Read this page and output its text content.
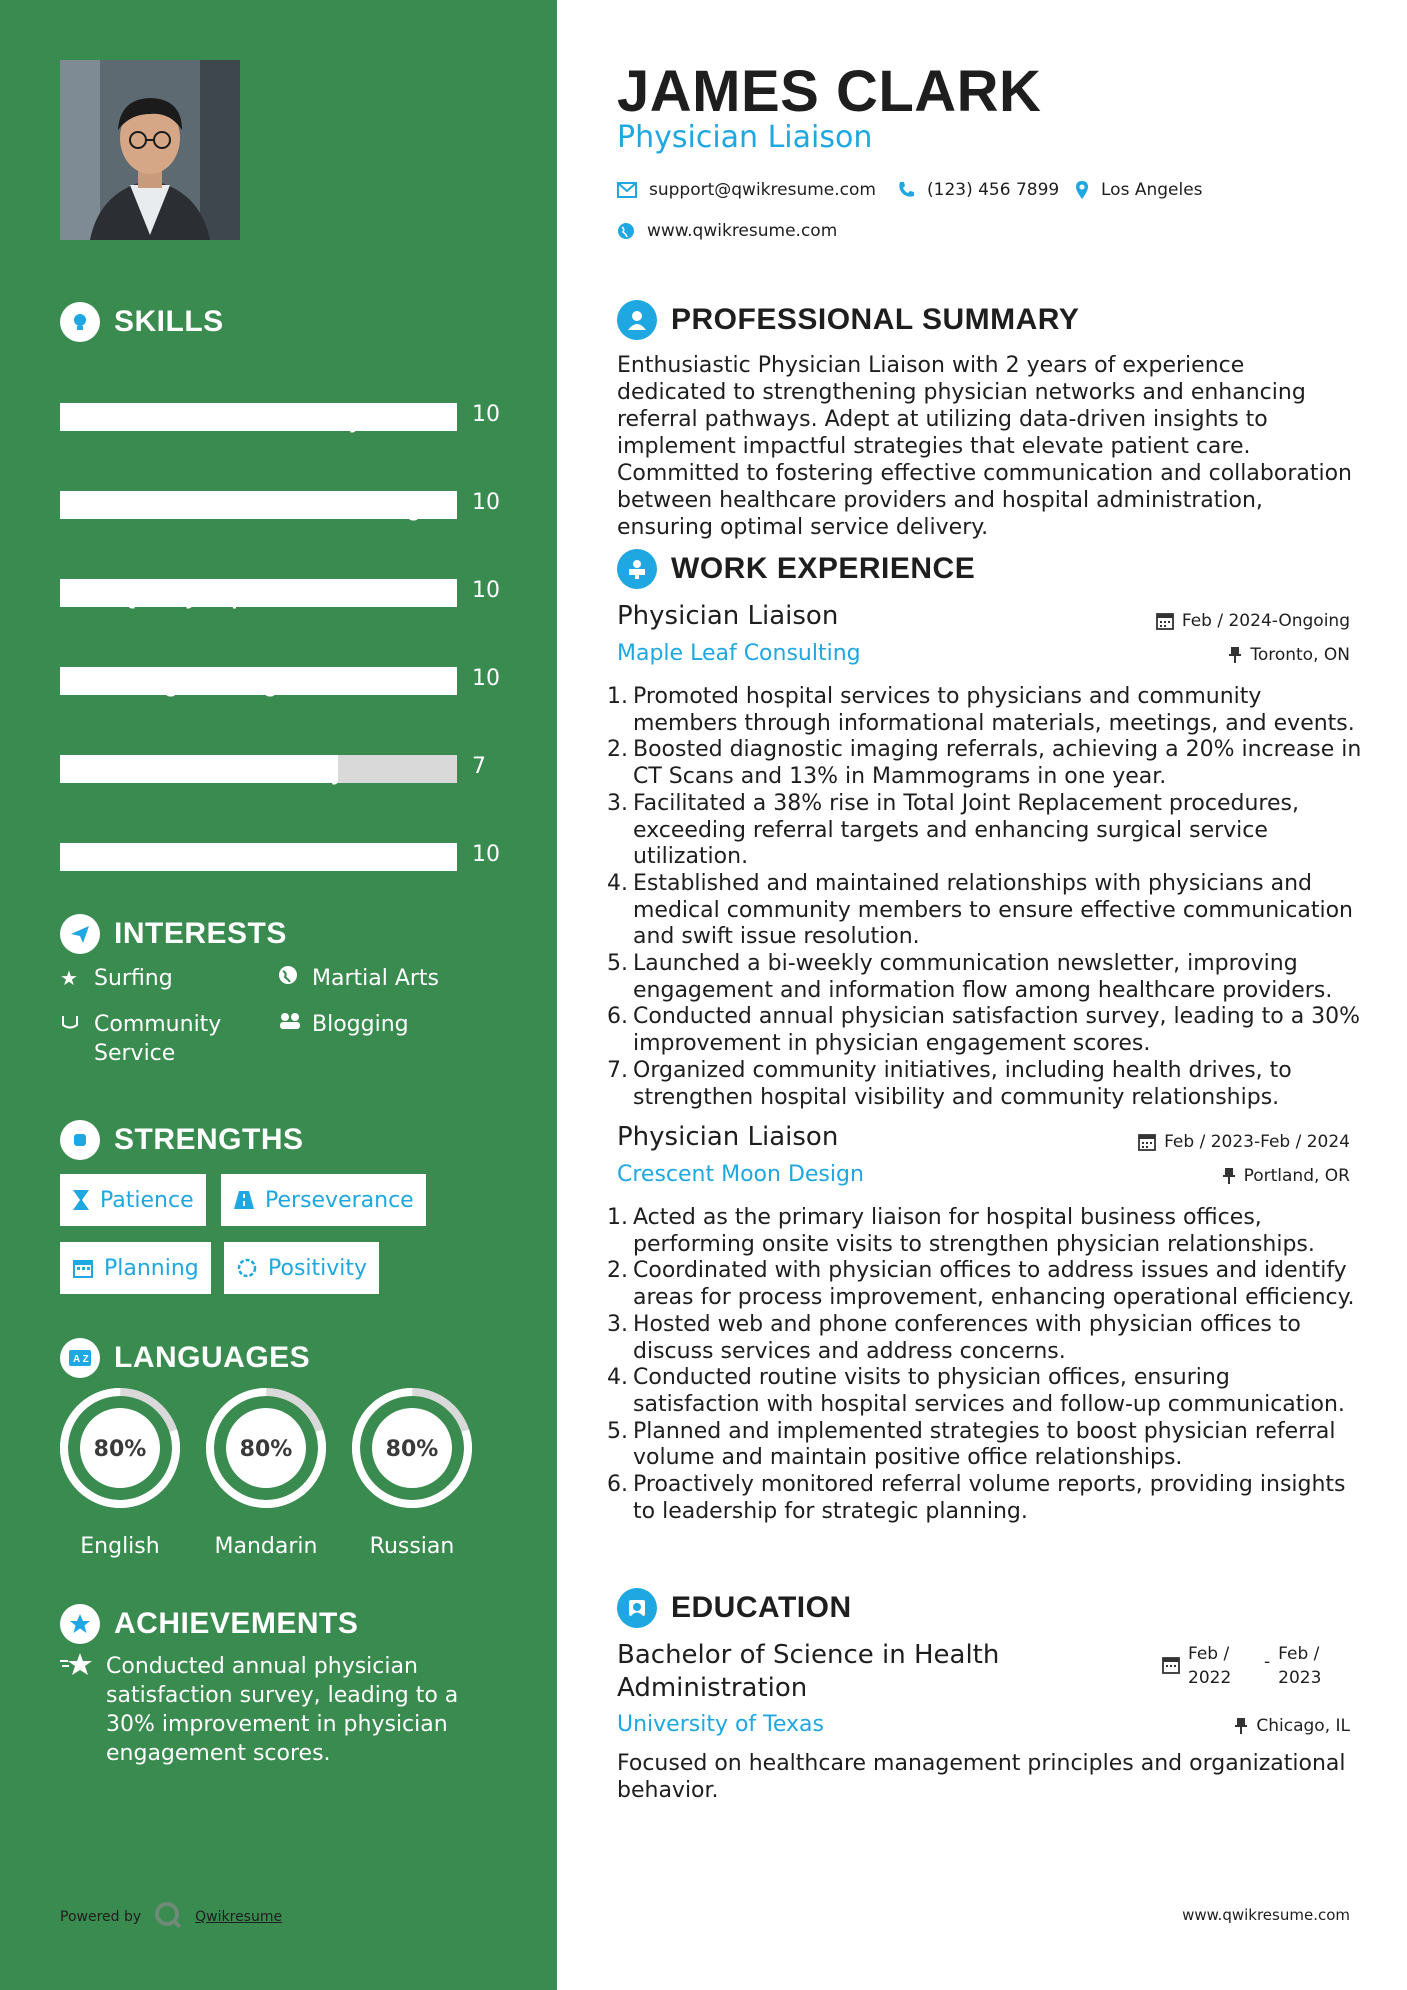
SKILLS
10
10
10
10
7
10
INTERESTS
★ Surfing	Martial Arts
Community Service
Blogging
STRENGTHS
Patience	Perseverance
Planning	Positivity
A Z LANGUAGES
80%
English
80%
Mandarin
80%
Russian
ACHIEVEMENTS
Conducted annual physician satisfaction survey, leading to a 30% improvement in physician engagement scores.
Powered by	Qwikresume
JAMES CLARK
Physician Liaison
support@qwikresume.com	(123) 456 7899 Los Angeles
www.qwikresume.com
PROFESSIONAL SUMMARY
Enthusiastic Physician Liaison with 2 years of experience dedicated to strengthening physician networks and enhancing referral pathways. Adept at utilizing data-driven insights to implement impactful strategies that elevate patient care. Committed to fostering effective communication and collaboration between healthcare providers and hospital administration, ensuring optimal service delivery.
WORK EXPERIENCE
Physician Liaison	Feb / 2024-Ongoing
Maple Leaf Consulting	Toronto, ON
1. Promoted hospital services to physicians and community members through informational materials, meetings, and events.
2. Boosted diagnostic imaging referrals, achieving a 20% increase in CT Scans and 13% in Mammograms in one year.
3. Facilitated a 38% rise in Total Joint Replacement procedures, exceeding referral targets and enhancing surgical service utilization.
4. Established and maintained relationships with physicians and medical community members to ensure effective communication and swift issue resolution.
5. Launched a bi-weekly communication newsletter, improving engagement and information flow among healthcare providers.
6. Conducted annual physician satisfaction survey, leading to a 30% improvement in physician engagement scores.
7. Organized community initiatives, including health drives, to strengthen hospital visibility and community relationships.
Physician Liaison	Feb / 2023-Feb / 2024
Crescent Moon Design	Portland, OR
1. Acted as the primary liaison for hospital business offices, performing onsite visits to strengthen physician relationships.
2. Coordinated with physician offices to address issues and identify areas for process improvement, enhancing operational efficiency.
3. Hosted web and phone conferences with physician offices to discuss services and address concerns.
4. Conducted routine visits to physician offices, ensuring satisfaction with hospital services and follow-up communication.
5. Planned and implemented strategies to boost physician referral volume and maintain positive office relationships.
6. Proactively monitored referral volume reports, providing insights to leadership for strategic planning.
EDUCATION
Bachelor of Science in Health Administration
Feb / 2022
- Feb / 2023
University of Texas	Chicago, IL
Focused on healthcare management principles and organizational behavior.
www.qwikresume.com
